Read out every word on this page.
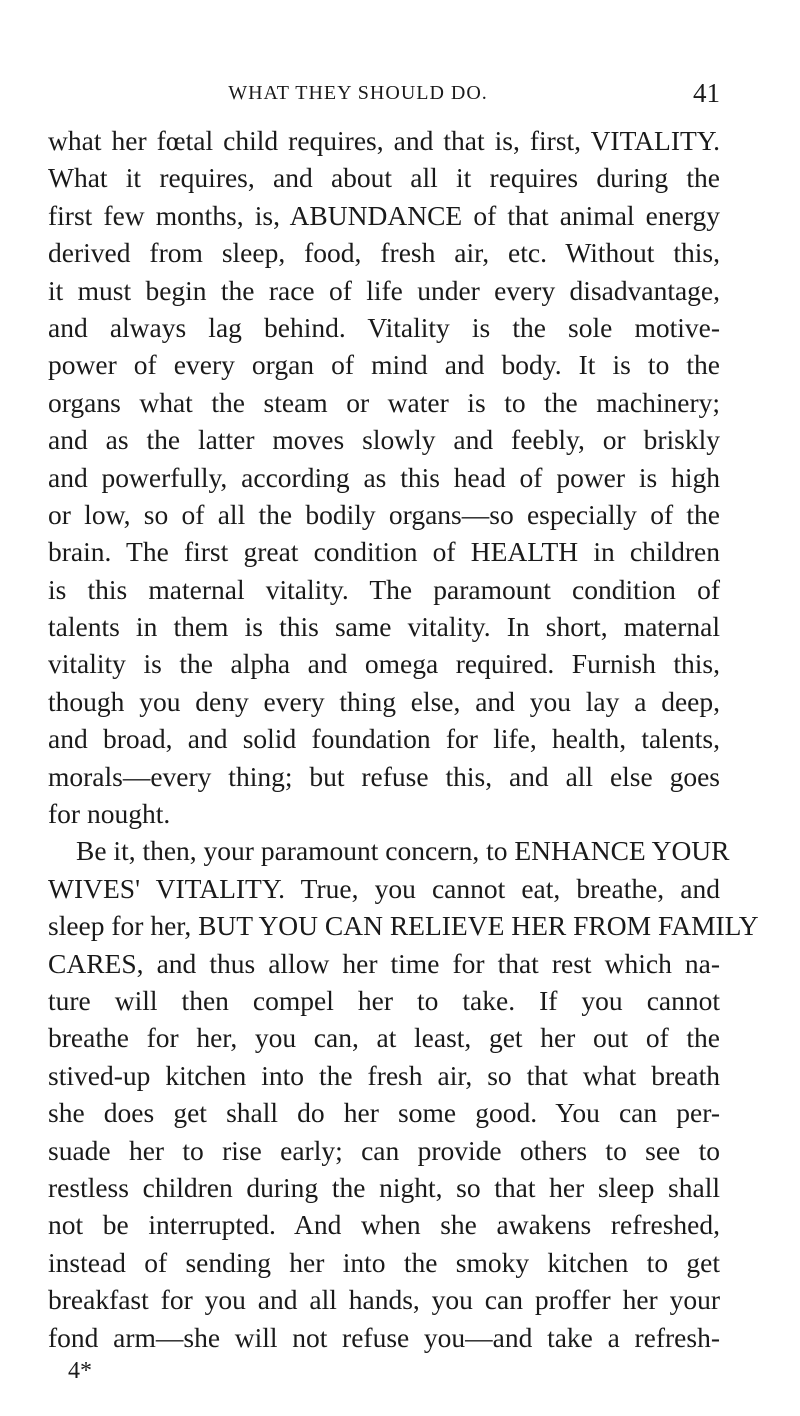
WHAT THEY SHOULD DO.	41
what her fœtal child requires, and that is, first, VITALITY.
What it requires, and about all it requires during the
first few months, is, ABUNDANCE of that animal energy
derived from sleep, food, fresh air, etc. Without this,
it must begin the race of life under every disadvantage,
and always lag behind. Vitality is the sole motive-
power of every organ of mind and body. It is to the
organs what the steam or water is to the machinery;
and as the latter moves slowly and feebly, or briskly
and powerfully, according as this head of power is high
or low, so of all the bodily organs—so especially of the
brain. The first great condition of HEALTH in children
is this maternal vitality. The paramount condition of
talents in them is this same vitality. In short, maternal
vitality is the alpha and omega required. Furnish this,
though you deny every thing else, and you lay a deep,
and broad, and solid foundation for life, health, talents,
morals—every thing; but refuse this, and all else goes
for nought.
Be it, then, your paramount concern, to ENHANCE YOUR
WIVES' VITALITY. True, you cannot eat, breathe, and
sleep for her, BUT YOU CAN RELIEVE HER FROM FAMILY
CARES, and thus allow her time for that rest which na-
ture will then compel her to take. If you cannot
breathe for her, you can, at least, get her out of the
stived-up kitchen into the fresh air, so that what breath
she does get shall do her some good. You can per-
suade her to rise early; can provide others to see to
restless children during the night, so that her sleep shall
not be interrupted. And when she awakens refreshed,
instead of sending her into the smoky kitchen to get
breakfast for you and all hands, you can proffer her your
fond arm—she will not refuse you—and take a refresh-
4*
